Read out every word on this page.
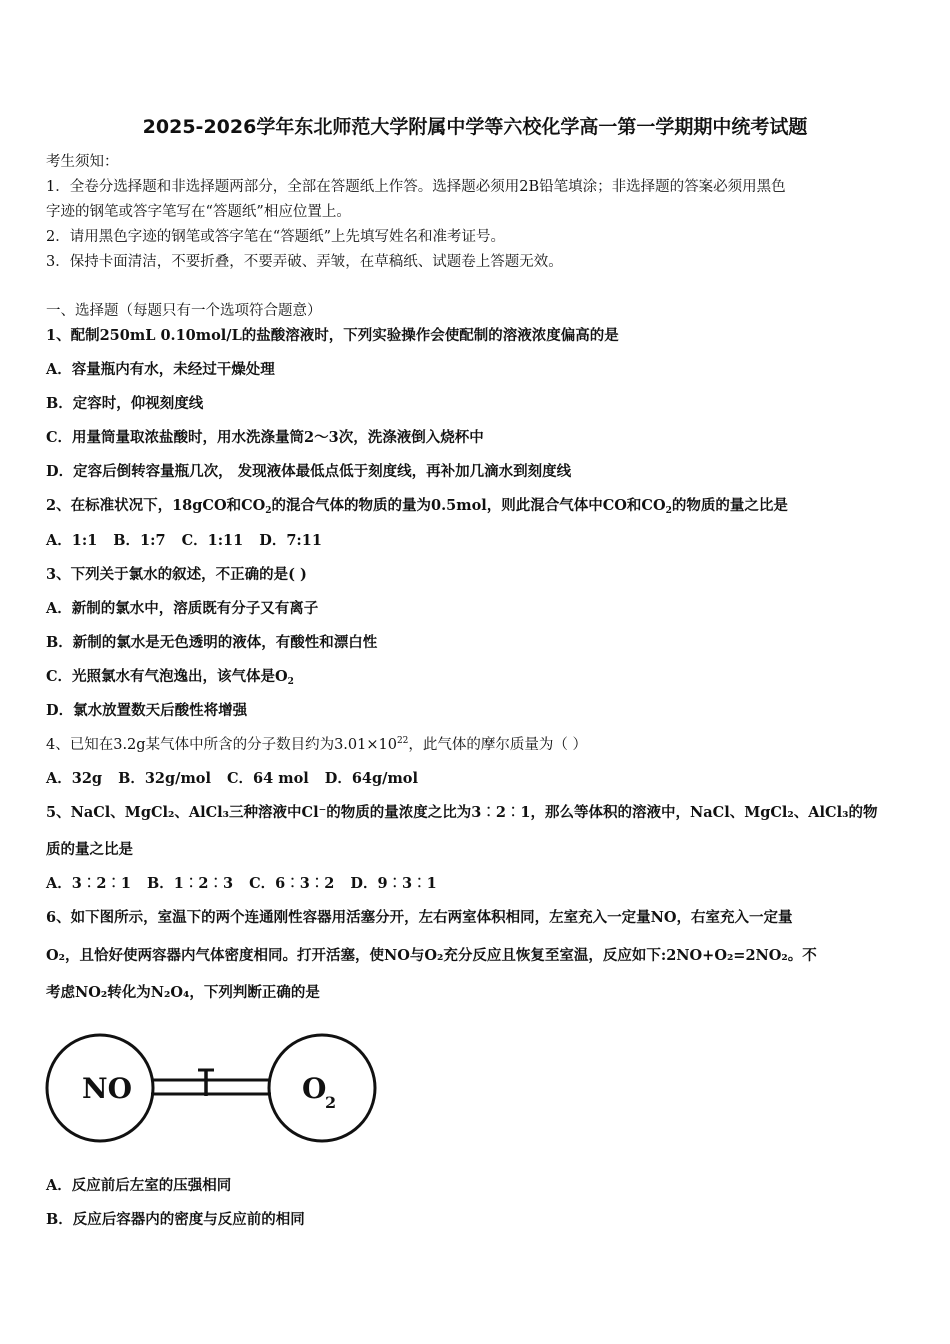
2025-2026学年东北师范大学附属中学等六校化学高一第一学期期中统考试题
考生须知：
1．全卷分选择题和非选择题两部分，全部在答题纸上作答。选择题必须用2B铅笔填涂；非选择题的答案必须用黑色
字迹的钢笔或答字笔写在“答题纸”相应位置上。
2．请用黑色字迹的钢笔或答字笔在“答题纸”上先填写姓名和准考证号。
3．保持卡面清洁，不要折叠，不要弄破、弄皱，在草稿纸、试题卷上答题无效。
一、选择题（每题只有一个选项符合题意）
1、配制250mL 0.10mol/L的盐酸溶液时，下列实验操作会使配制的溶液浓度偏高的是
A．容量瓶内有水，未经过干燥处理
B．定容时，仰视刻度线
C．用量筒量取浓盐酸时，用水洗涤量筒2～3次，洗涤液倒入烧杯中
D．定容后倒转容量瓶几次， 发现液体最低点低于刻度线，再补加几滴水到刻度线
2、在标准状况下，18gCO和$CO_2$的混合气体的物质的量为0.5mol，则此混合气体中CO和$CO_2$的物质的量之比是
A．1:1 B．1:7 C．1:11 D．7:11
3、下列关于氯水的叙述，不正确的是( )
A．新制的氯水中，溶质既有分子又有离子
B．新制的氯水是无色透明的液体，有酸性和漂白性
C．光照氯水有气泡逸出，该气体是$O_2$
D．氯水放置数天后酸性将增强
4、已知在3.2g某气体中所含的分子数目约为$3.01\times 10^{22}$，此气体的摩尔质量为（ ）
A．32g B．32g/mol C．64 mol D．64g/mol
5、NaCl、MgCl₂、AlCl₃三种溶液中Cl⁻的物质的量浓度之比为3︰2︰1，那么等体积的溶液中，NaCl、MgCl₂、AlCl₃的物
质的量之比是
A．3︰2︰1 B．1︰2︰3 C．6︰3︰2 D．9︰3︰1
6、如下图所示，室温下的两个连通刚性容器用活塞分开，左右两室体积相同，左室充入一定量NO，右室充入一定量
O₂，且恰好使两容器内气体密度相同。打开活塞，使NO与O₂充分反应且恢复至室温，反应如下:2NO+O₂=2NO₂。不
考虑NO₂转化为N₂O₄，下列判断正确的是
NO	O
2
A．反应前后左室的压强相同
B．反应后容器内的密度与反应前的相同
